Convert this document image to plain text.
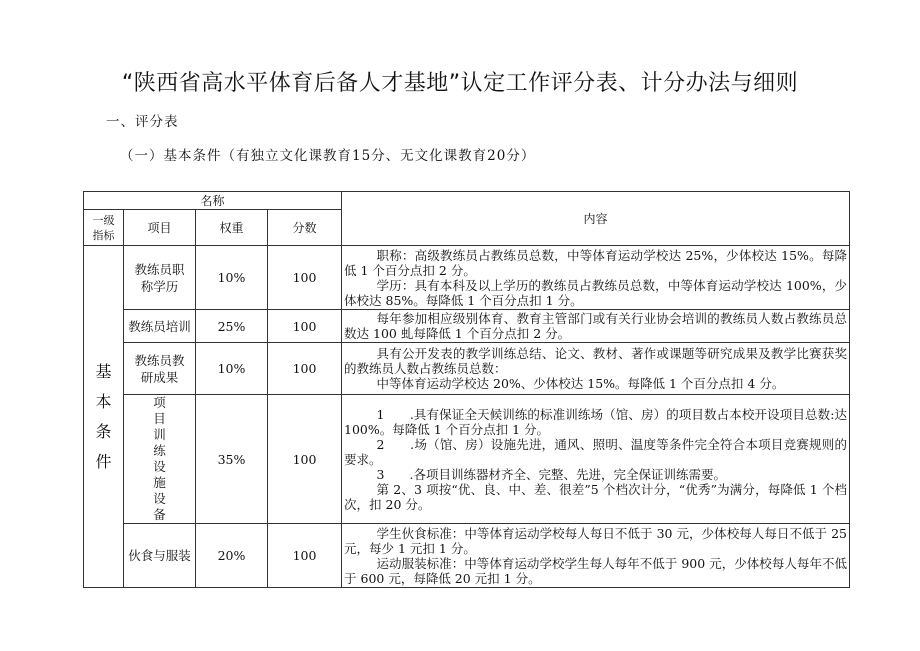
“陕西省高水平体育后备人才基地”认定工作评分表、计分办法与细则
一、评分表
（一）基本条件（有独立文化课教育15分、无文化课教育20分）
名称				内容
一级指标	项目	权重	分数	
基本条件	教练员职称学历	10%	100	职称：高级教练员占教练员总数，中等体育运动学校达 25%，少体校达 15%。每降低 1 个百分点扣 2 分。

学历：具有本科及以上学历的教练员占教练员总数，中等体育运动学校达 100%，少体校达 85%。每降低 1 个百分点扣 1 分。

	教练员培训	25%	100	每年参加相应级别体育、教育主管部门或有关行业协会培训的教练员人数占教练员总数达 100 虬每降低 1 个百分点扣 2 分。

	教练员教研成果	10%	100	具有公开发表的教学训练总结、论文、教材、著作或课题等研究成果及教学比赛获奖的教练员人数占教练员总数：

中等体育运动学校达 20%、少体校达 15%。每降低 1 个百分点扣 4 分。

	项目训练设施设备	35%	100	1　　.具有保证全天候训练的标准训练场（馆、房）的项目数占本校开设项目总数:达 100%。每降低 1 个百分点扣 1 分。

2　　.场（馆、房）设施先进，通风、照明、温度等条件完全符合本项目竞赛规则的要求。

3　　.各项目训练器材齐全、完整、先进，完全保证训练需要。

第 2、3 项按“优、良、中、差、很差”5 个档次计分，“优秀”为满分，每降低 1 个档次，扣 20 分。

	伙食与服装	20%	100	学生伙食标准：中等体育运动学校每人每日不低于 30 元，少体校每人每日不低于 25 元，每少 1 元扣 1 分。

运动服装标准：中等体育运动学校学生每人每年不低于 900 元，少体校每人每年不低于 600 元，每降低 20 元扣 1 分。
